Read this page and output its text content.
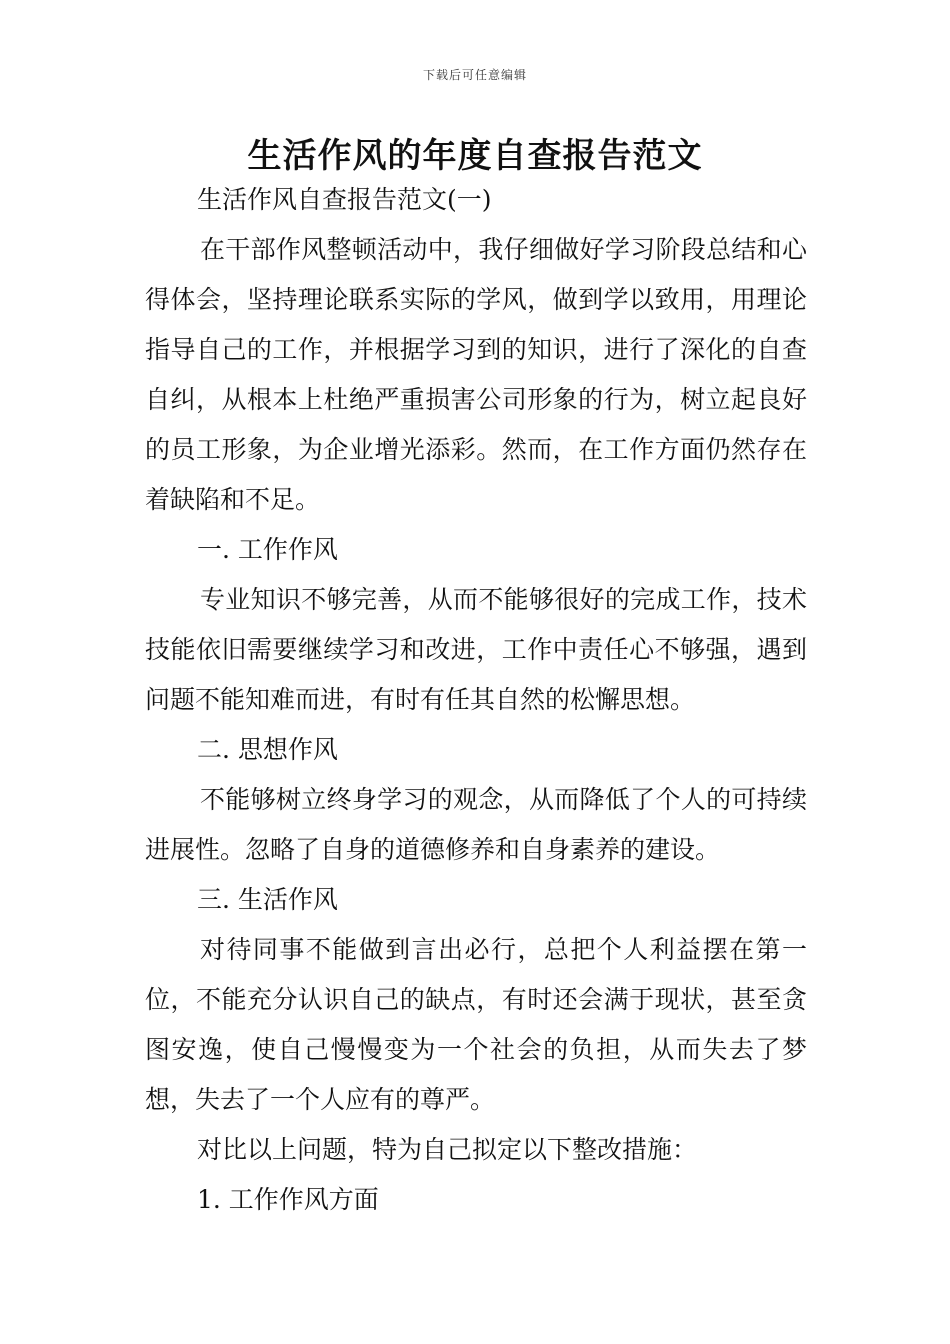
下载后可任意编辑
生活作风的年度自查报告范文

生活作风自查报告范文(一)

在干部作风整顿活动中，我仔细做好学习阶段总结和心得体会，坚持理论联系实际的学风，做到学以致用，用理论指导自己的工作，并根据学习到的知识，进行了深化的自查自纠，从根本上杜绝严重损害公司形象的行为，树立起良好的员工形象，为企业增光添彩。然而，在工作方面仍然存在着缺陷和不足。

一. 工作作风

专业知识不够完善，从而不能够很好的完成工作，技术技能依旧需要继续学习和改进，工作中责任心不够强，遇到问题不能知难而进，有时有任其自然的松懈思想。

二. 思想作风

不能够树立终身学习的观念，从而降低了个人的可持续进展性。忽略了自身的道德修养和自身素养的建设。

三. 生活作风

对待同事不能做到言出必行，总把个人利益摆在第一位，不能充分认识自己的缺点，有时还会满于现状，甚至贪图安逸，使自己慢慢变为一个社会的负担，从而失去了梦想，失去了一个人应有的尊严。

对比以上问题，特为自己拟定以下整改措施：

1. 工作作风方面
